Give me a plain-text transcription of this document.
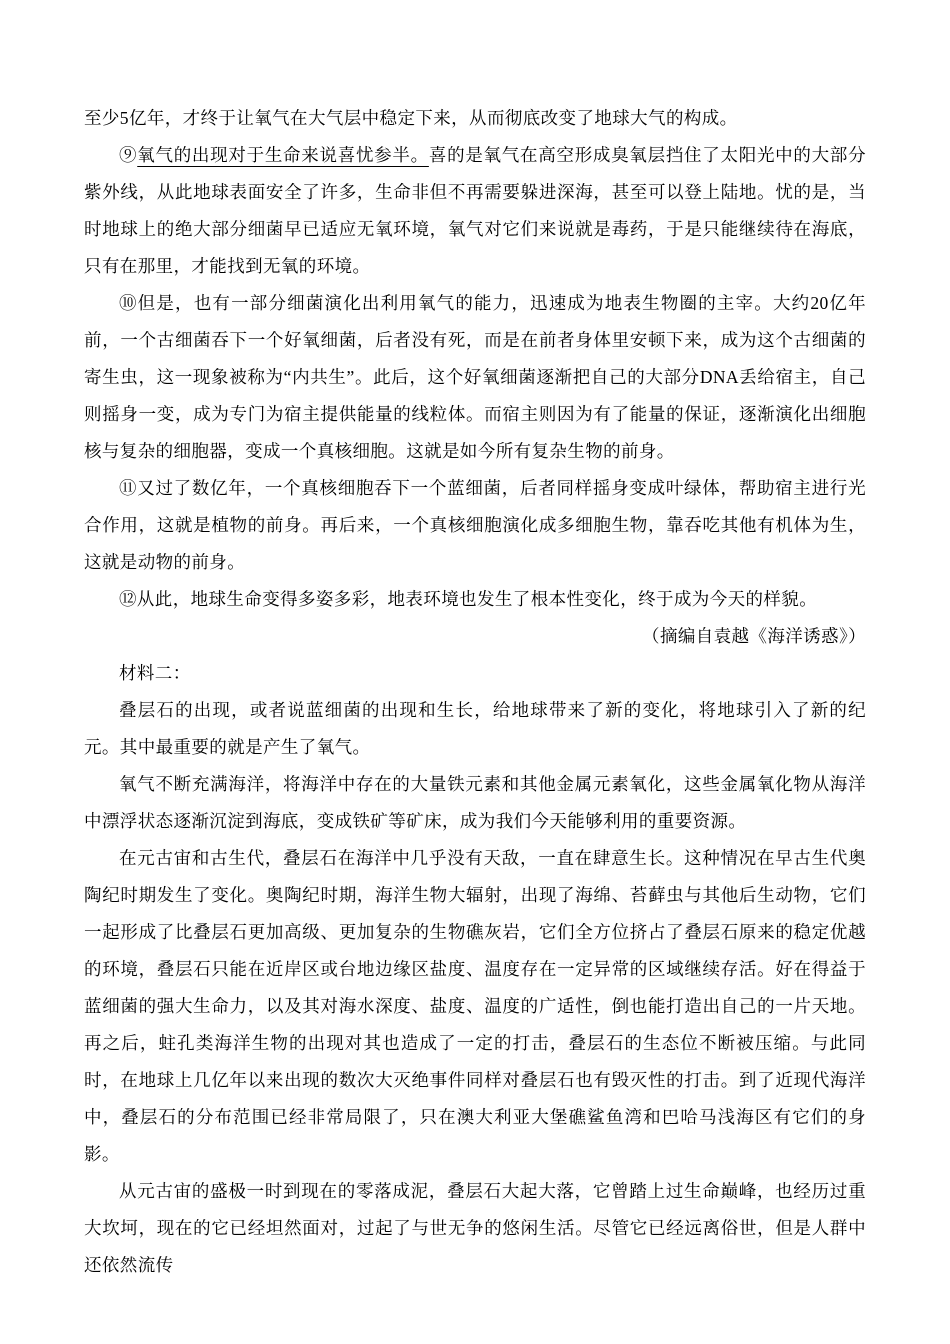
至少5亿年，才终于让氧气在大气层中稳定下来，从而彻底改变了地球大气的构成。

⑨氧气的出现对于生命来说喜忧参半。喜的是氧气在高空形成臭氧层挡住了太阳光中的大部分紫外线，从此地球表面安全了许多，生命非但不再需要躲进深海，甚至可以登上陆地。忧的是，当时地球上的绝大部分细菌早已适应无氧环境，氧气对它们来说就是毒药，于是只能继续待在海底，只有在那里，才能找到无氧的环境。

⑩但是，也有一部分细菌演化出利用氧气的能力，迅速成为地表生物圈的主宰。大约20亿年前，一个古细菌吞下一个好氧细菌，后者没有死，而是在前者身体里安顿下来，成为这个古细菌的寄生虫，这一现象被称为“内共生”。此后，这个好氧细菌逐渐把自己的大部分DNA丢给宿主，自己则摇身一变，成为专门为宿主提供能量的线粒体。而宿主则因为有了能量的保证，逐渐演化出细胞核与复杂的细胞器，变成一个真核细胞。这就是如今所有复杂生物的前身。

⑪又过了数亿年，一个真核细胞吞下一个蓝细菌，后者同样摇身变成叶绿体，帮助宿主进行光合作用，这就是植物的前身。再后来，一个真核细胞演化成多细胞生物，靠吞吃其他有机体为生，这就是动物的前身。

⑫从此，地球生命变得多姿多彩，地表环境也发生了根本性变化，终于成为今天的样貌。

（摘编自袁越《海洋诱惑》）

材料二：

叠层石的出现，或者说蓝细菌的出现和生长，给地球带来了新的变化，将地球引入了新的纪元。其中最重要的就是产生了氧气。

氧气不断充满海洋，将海洋中存在的大量铁元素和其他金属元素氧化，这些金属氧化物从海洋中漂浮状态逐渐沉淀到海底，变成铁矿等矿床，成为我们今天能够利用的重要资源。

在元古宙和古生代，叠层石在海洋中几乎没有天敌，一直在肆意生长。这种情况在早古生代奥陶纪时期发生了变化。奥陶纪时期，海洋生物大辐射，出现了海绵、苔藓虫与其他后生动物，它们一起形成了比叠层石更加高级、更加复杂的生物礁灰岩，它们全方位挤占了叠层石原来的稳定优越的环境，叠层石只能在近岸区或台地边缘区盐度、温度存在一定异常的区域继续存活。好在得益于蓝细菌的强大生命力，以及其对海水深度、盐度、温度的广适性，倒也能打造出自己的一片天地。再之后，蛀孔类海洋生物的出现对其也造成了一定的打击，叠层石的生态位不断被压缩。与此同时，在地球上几亿年以来出现的数次大灭绝事件同样对叠层石也有毁灭性的打击。到了近现代海洋中，叠层石的分布范围已经非常局限了，只在澳大利亚大堡礁鲨鱼湾和巴哈马浅海区有它们的身影。

从元古宙的盛极一时到现在的零落成泥，叠层石大起大落，它曾踏上过生命巅峰，也经历过重大坎坷，现在的它已经坦然面对，过起了与世无争的悠闲生活。尽管它已经远离俗世，但是人群中还依然流传
